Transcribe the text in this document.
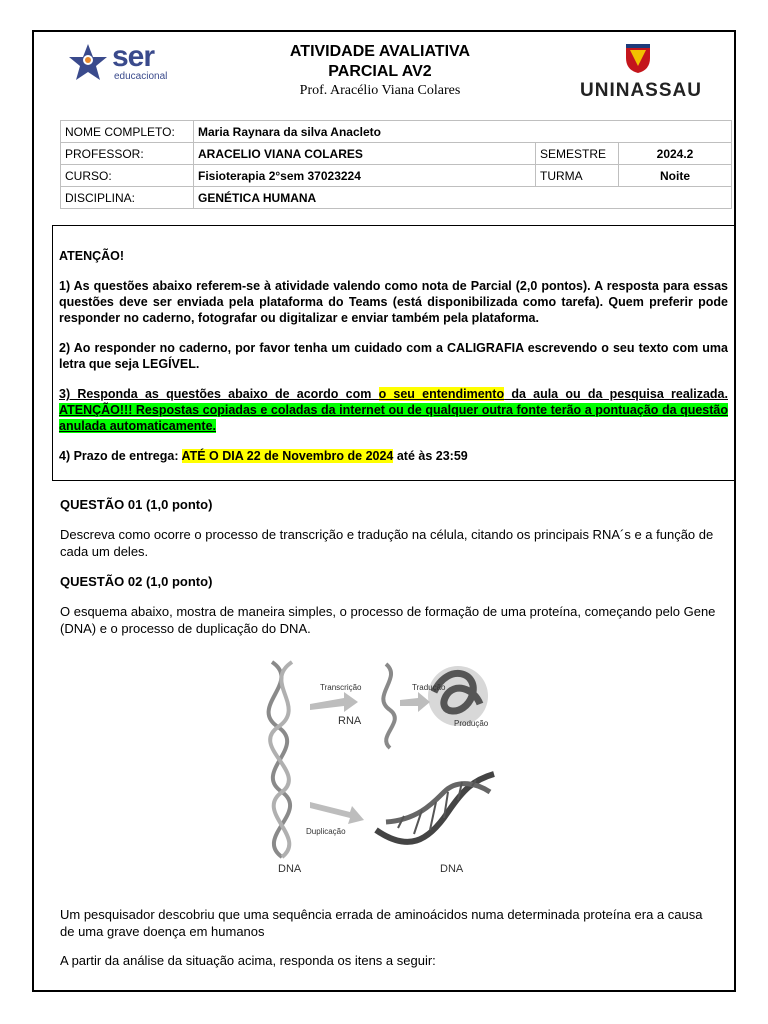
ser
educacional
ATIVIDADE AVALIATIVA
PARCIAL AV2
Prof. Aracélio Viana Colares	UNINASSAU
NOME COMPLETO:	Maria Raynara da silva Anacleto		
PROFESSOR:	ARACELIO VIANA COLARES	SEMESTRE	2024.2
CURSO:	Fisioterapia 2°sem 37023224	TURMA	Noite
DISCIPLINA:	GENÉTICA HUMANA		

ATENÇÃO!

1) As questões abaixo referem-se à atividade valendo como nota de Parcial (2,0 pontos). A resposta para essas questões deve ser enviada pela plataforma do Teams (está disponibilizada como tarefa). Quem preferir pode responder no caderno, fotografar ou digitalizar e enviar também pela plataforma.

2) Ao responder no caderno, por favor tenha um cuidado com a CALIGRAFIA escrevendo o seu texto com uma letra que seja LEGÍVEL.

3) Responda as questões abaixo de acordo com o seu entendimento da aula ou da pesquisa realizada. ATENÇÃO!!! Respostas copiadas e coladas da internet ou de qualquer outra fonte terão a pontuação da questão anulada automaticamente.

4) Prazo de entrega: ATÉ O DIA 22 de Novembro de 2024 até às 23:59

QUESTÃO 01 (1,0 ponto)
Descreva como ocorre o processo de transcrição e tradução na célula, citando os principais RNA´s e a função de cada um deles.
QUESTÃO 02 (1,0 ponto)
O esquema abaixo, mostra de maneira simples, o processo de formação de uma proteína, começando pelo Gene (DNA) e o processo de duplicação do DNA.
Transcrição	Tradução
RNA	Produção
Duplicação
DNA	DNA
Um pesquisador descobriu que uma sequência errada de aminoácidos numa determinada proteína era a causa de uma grave doença em humanos
A partir da análise da situação acima, responda os itens a seguir:
